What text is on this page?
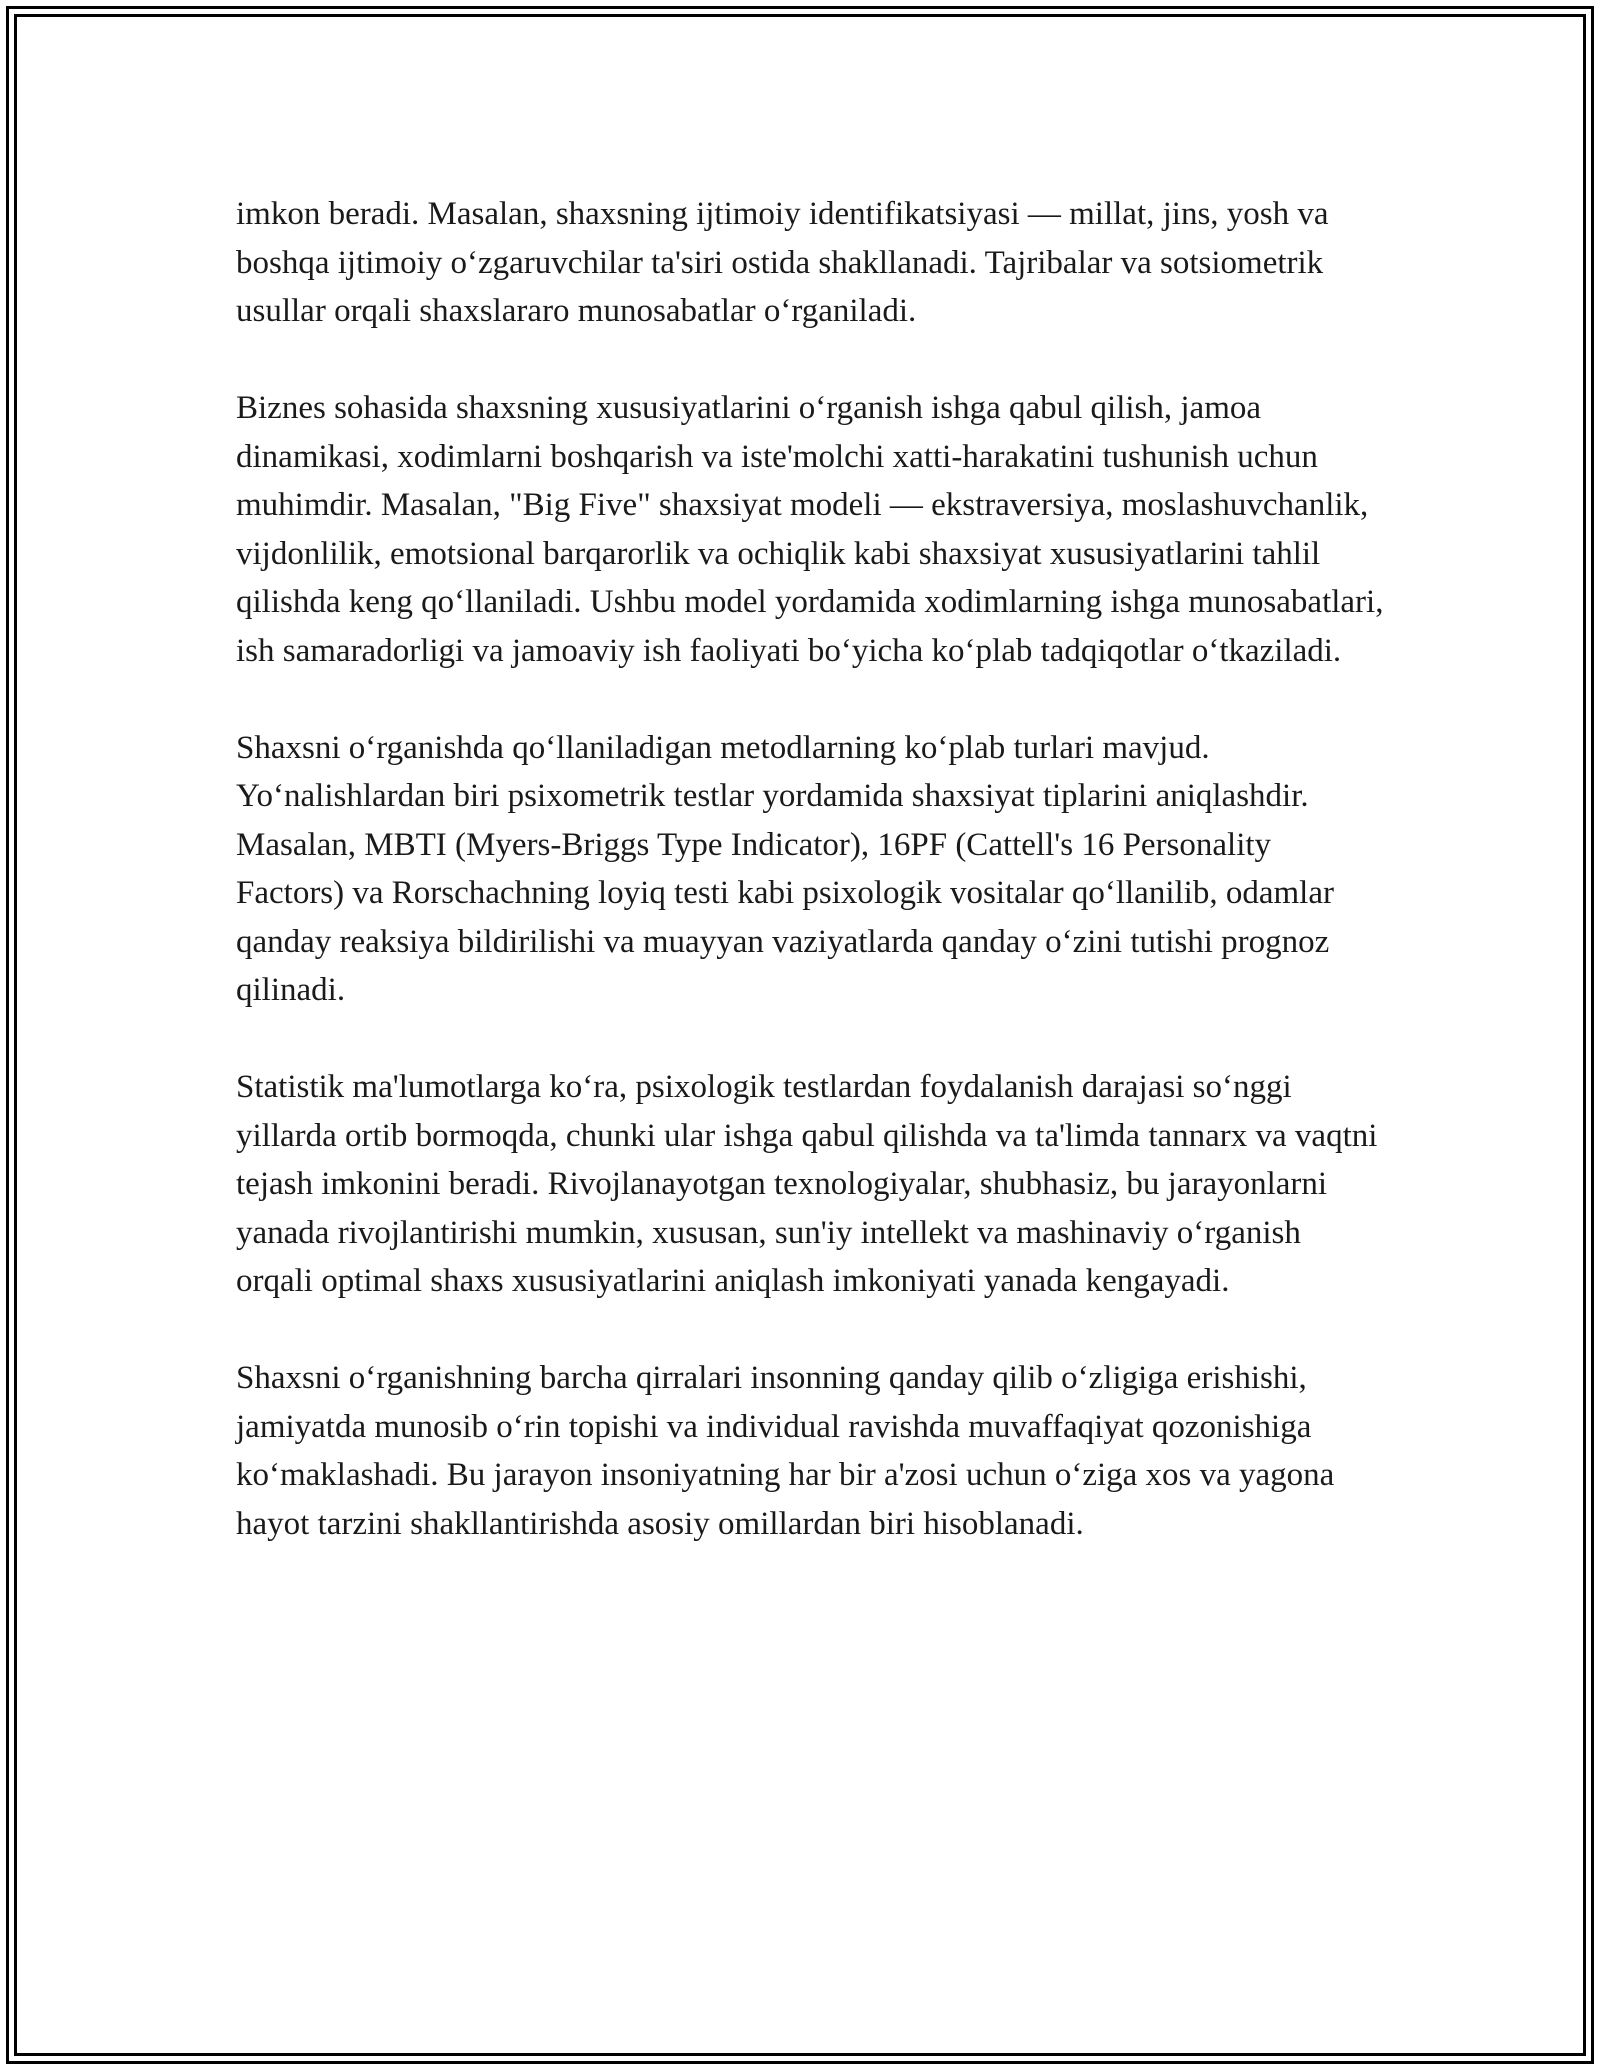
imkon beradi. Masalan, shaxsning ijtimoiy identifikatsiyasi — millat, jins, yosh va boshqa ijtimoiy o‘zgaruvchilar ta'siri ostida shakllanadi. Tajribalar va sotsiometrik usullar orqali shaxslararo munosabatlar o‘rganiladi.

Biznes sohasida shaxsning xususiyatlarini o‘rganish ishga qabul qilish, jamoa dinamikasi, xodimlarni boshqarish va iste'molchi xatti-harakatini tushunish uchun muhimdir. Masalan, "Big Five" shaxsiyat modeli — ekstraversiya, moslashuvchanlik, vijdonlilik, emotsional barqarorlik va ochiqlik kabi shaxsiyat xususiyatlarini tahlil qilishda keng qo‘llaniladi. Ushbu model yordamida xodimlarning ishga munosabatlari, ish samaradorligi va jamoaviy ish faoliyati bo‘yicha ko‘plab tadqiqotlar o‘tkaziladi.

Shaxsni o‘rganishda qo‘llaniladigan metodlarning ko‘plab turlari mavjud. Yo‘nalishlardan biri psixometrik testlar yordamida shaxsiyat tiplarini aniqlashdir. Masalan, MBTI (Myers-Briggs Type Indicator), 16PF (Cattell's 16 Personality Factors) va Rorschachning loyiq testi kabi psixologik vositalar qo‘llanilib, odamlar qanday reaksiya bildirilishi va muayyan vaziyatlarda qanday o‘zini tutishi prognoz qilinadi.

Statistik ma'lumotlarga ko‘ra, psixologik testlardan foydalanish darajasi so‘nggi yillarda ortib bormoqda, chunki ular ishga qabul qilishda va ta'limda tannarx va vaqtni tejash imkonini beradi. Rivojlanayotgan texnologiyalar, shubhasiz, bu jarayonlarni yanada rivojlantirishi mumkin, xususan, sun'iy intellekt va mashinaviy o‘rganish orqali optimal shaxs xususiyatlarini aniqlash imkoniyati yanada kengayadi.

Shaxsni o‘rganishning barcha qirralari insonning qanday qilib o‘zligiga erishishi, jamiyatda munosib o‘rin topishi va individual ravishda muvaffaqiyat qozonishiga ko‘maklashadi. Bu jarayon insoniyatning har bir a'zosi uchun o‘ziga xos va yagona hayot tarzini shakllantirishda asosiy omillardan biri hisoblanadi.
